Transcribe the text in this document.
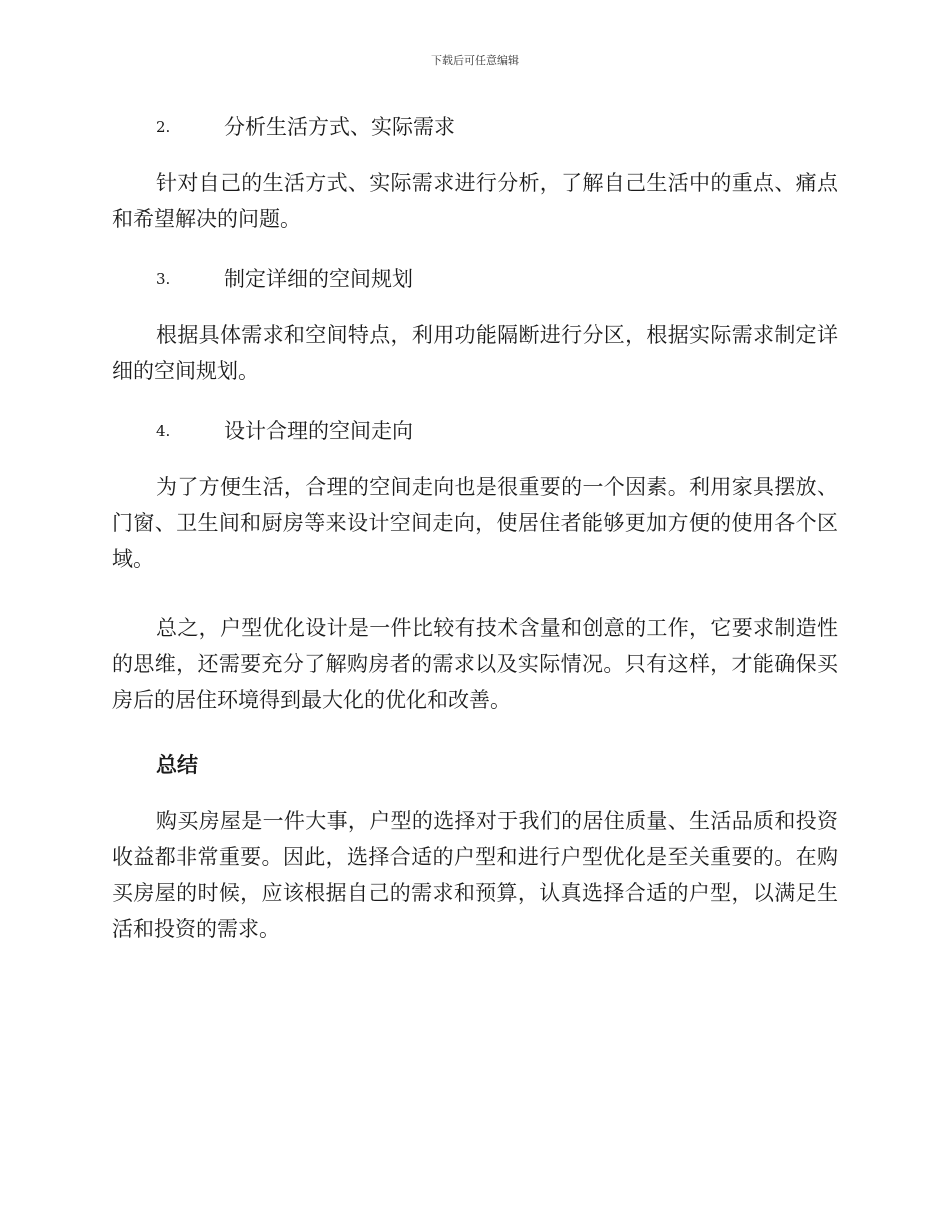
下载后可任意编辑
2.	分析生活方式、实际需求
针对自己的生活方式、实际需求进行分析，了解自己生活中的重点、痛点和希望解决的问题。
3.	制定详细的空间规划
根据具体需求和空间特点，利用功能隔断进行分区，根据实际需求制定详细的空间规划。
4.	设计合理的空间走向
为了方便生活，合理的空间走向也是很重要的一个因素。利用家具摆放、门窗、卫生间和厨房等来设计空间走向，使居住者能够更加方便的使用各个区域。
总之，户型优化设计是一件比较有技术含量和创意的工作，它要求制造性的思维，还需要充分了解购房者的需求以及实际情况。只有这样，才能确保买房后的居住环境得到最大化的优化和改善。
总结
购买房屋是一件大事，户型的选择对于我们的居住质量、生活品质和投资收益都非常重要。因此，选择合适的户型和进行户型优化是至关重要的。在购买房屋的时候，应该根据自己的需求和预算，认真选择合适的户型，以满足生活和投资的需求。
